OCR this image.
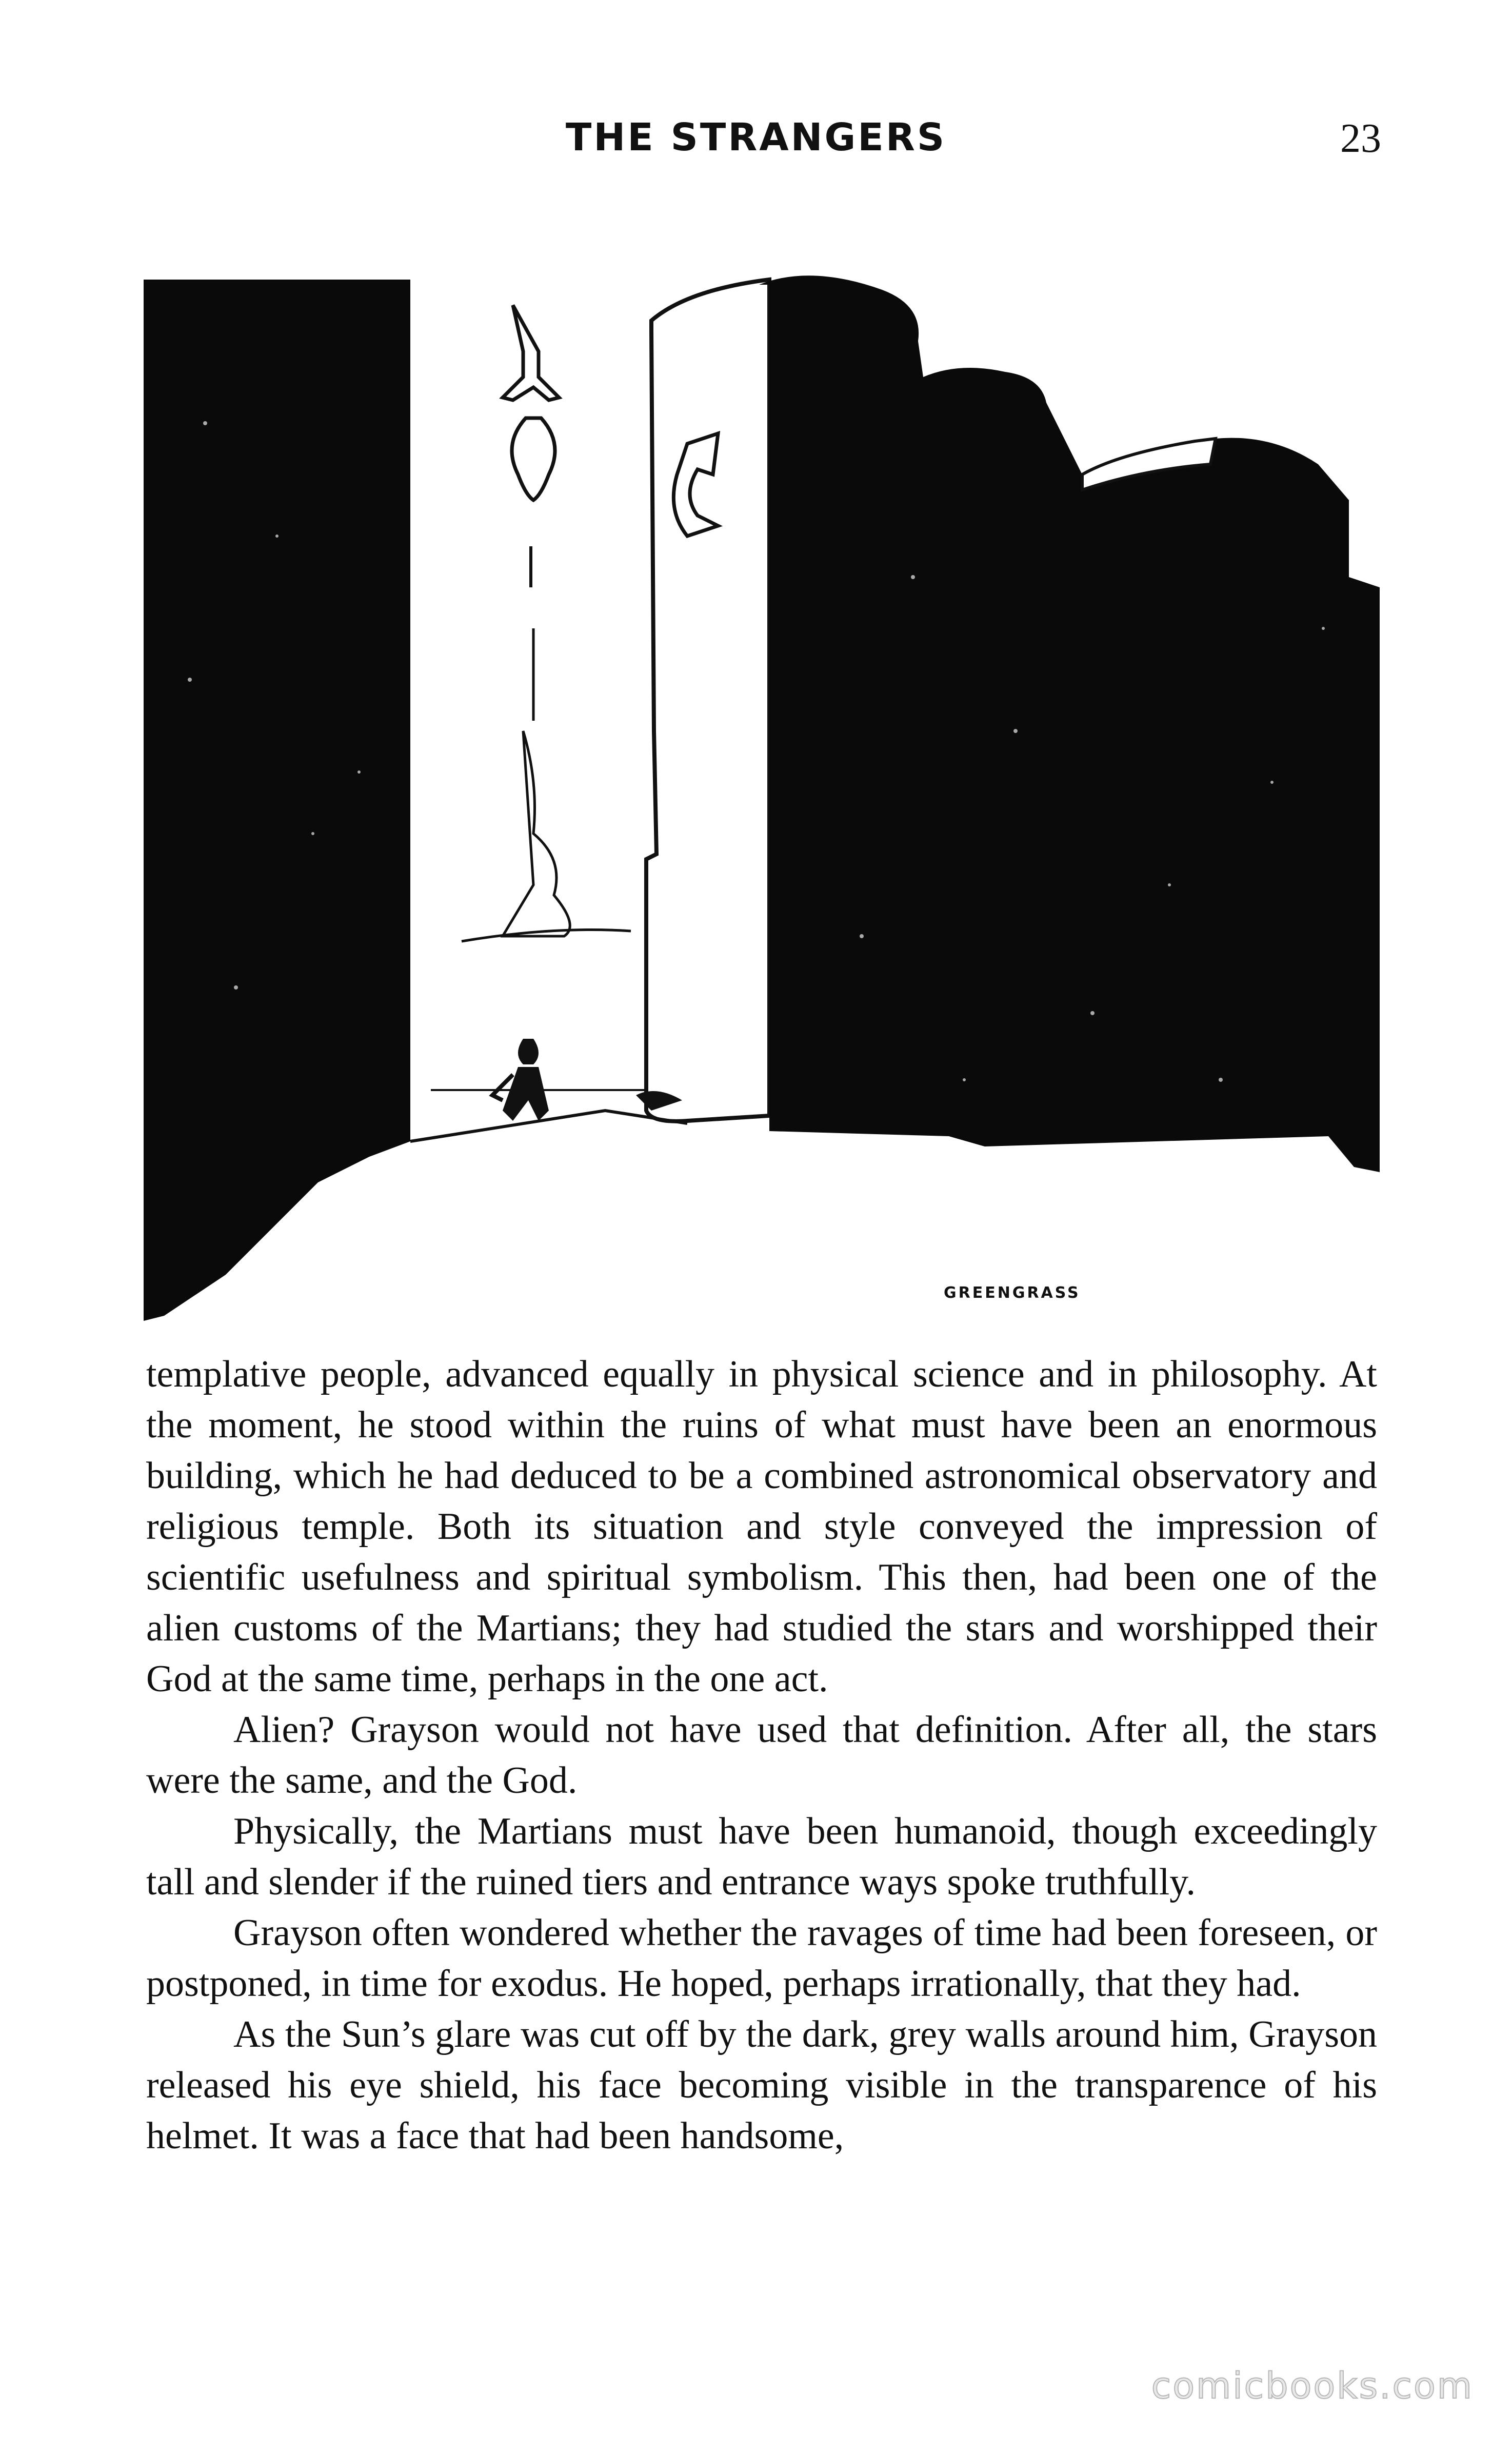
THE STRANGERS	23
GREENGRASS

templative people, advanced equally in physical science and in philosophy. At the moment, he stood within the ruins of what must have been an enormous building, which he had deduced to be a combined astronomical observatory and religious temple. Both its situation and style conveyed the impression of scientific usefulness and spiritual symbolism. This then, had been one of the alien customs of the Martians; they had studied the stars and worshipped their God at the same time, perhaps in the one act.

Alien? Grayson would not have used that definition. After all, the stars were the same, and the God.

Physically, the Martians must have been humanoid, though exceedingly tall and slender if the ruined tiers and entrance ways spoke truthfully.

Grayson often wondered whether the ravages of time had been foreseen, or postponed, in time for exodus. He hoped, perhaps irrationally, that they had.

As the Sun’s glare was cut off by the dark, grey walls around him, Grayson released his eye shield, his face becoming visible in the transparence of his helmet. It was a face that had been handsome,

comicbooks.com
